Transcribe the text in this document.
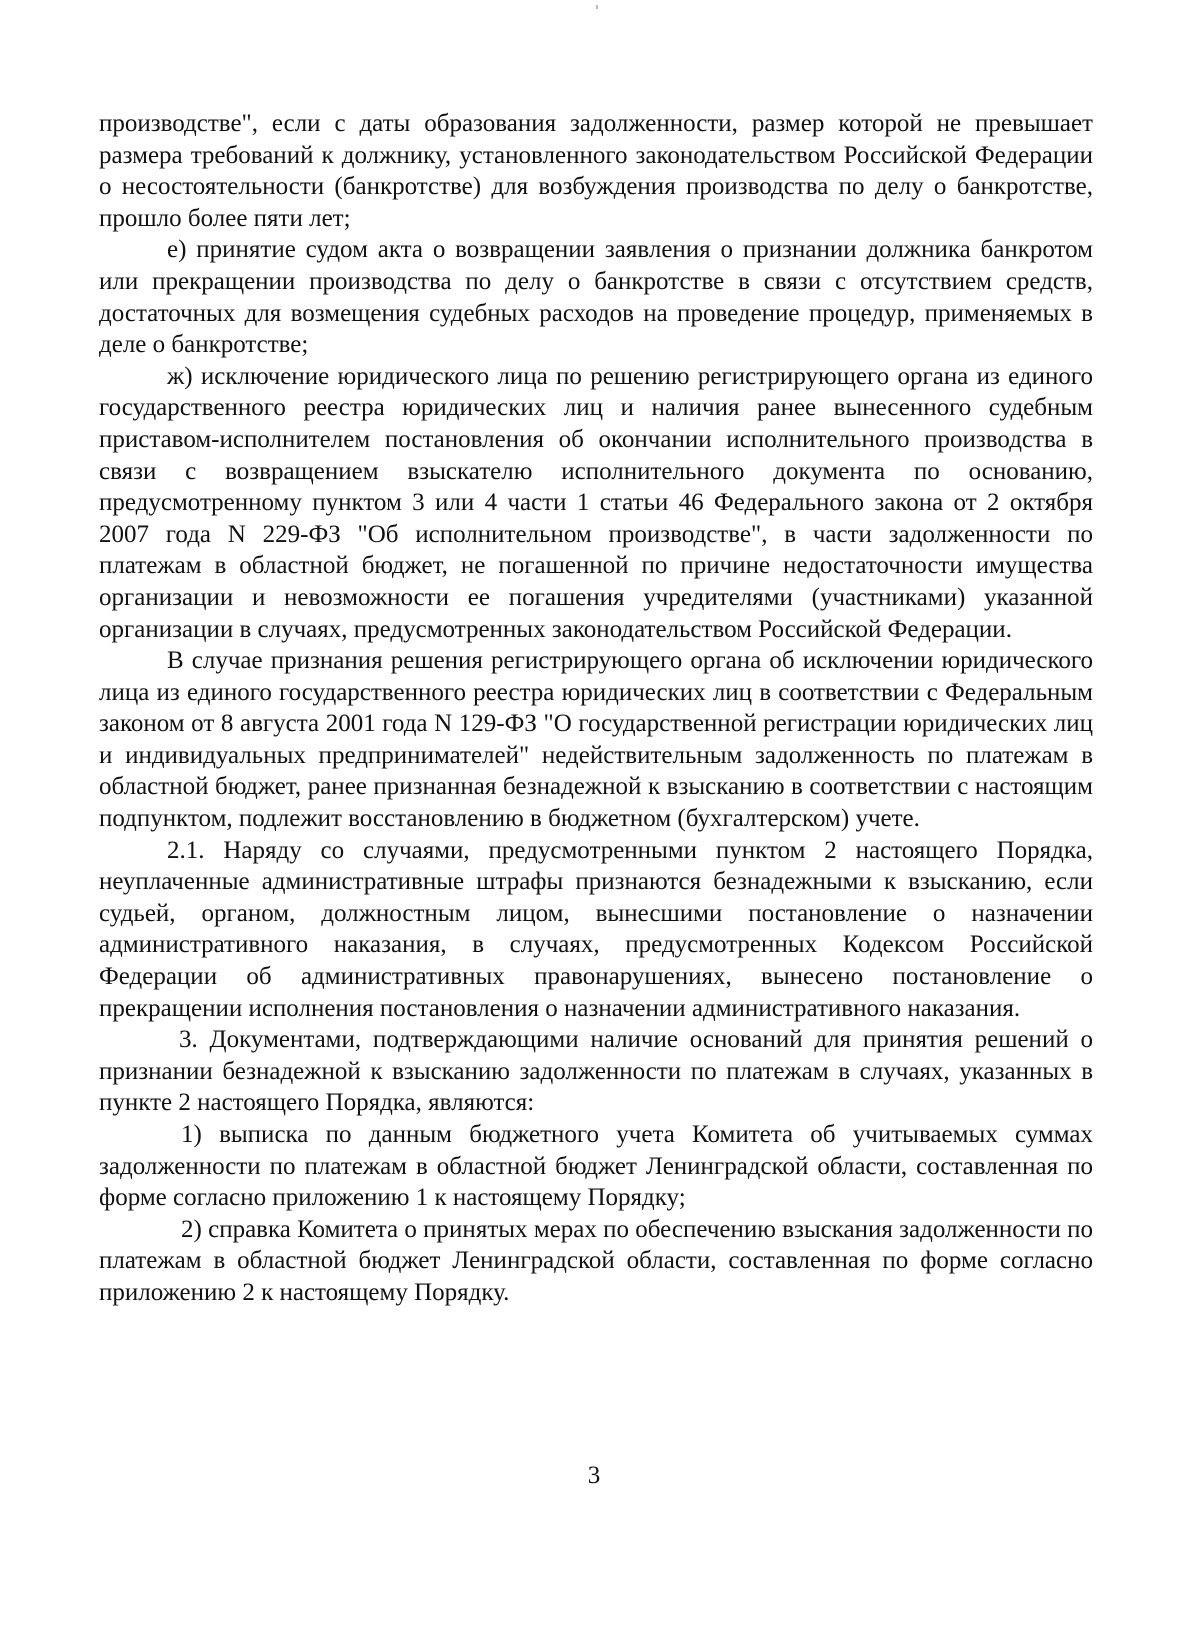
производстве", если с даты образования задолженности, размер которой не превышает размера требований к должнику, установленного законодательством Российской Федерации о несостоятельности (банкротстве) для возбуждения производства по делу о банкротстве, прошло более пяти лет;

е) принятие судом акта о возвращении заявления о признании должника банкротом или прекращении производства по делу о банкротстве в связи с отсутствием средств, достаточных для возмещения судебных расходов на проведение процедур, применяемых в деле о банкротстве;

ж) исключение юридического лица по решению регистрирующего органа из единого государственного реестра юридических лиц и наличия ранее вынесенного судебным приставом-исполнителем постановления об окончании исполнительного производства в связи с возвращением взыскателю исполнительного документа по основанию, предусмотренному пунктом 3 или 4 части 1 статьи 46 Федерального закона от 2 октября 2007 года N 229-ФЗ "Об исполнительном производстве", в части задолженности по платежам в областной бюджет, не погашенной по причине недостаточности имущества организации и невозможности ее погашения учредителями (участниками) указанной организации в случаях, предусмотренных законодательством Российской Федерации.

В случае признания решения регистрирующего органа об исключении юридического лица из единого государственного реестра юридических лиц в соответствии с Федеральным законом от 8 августа 2001 года N 129-ФЗ "О государственной регистрации юридических лиц и индивидуальных предпринимателей" недействительным задолженность по платежам в областной бюджет, ранее признанная безнадежной к взысканию в соответствии с настоящим подпунктом, подлежит восстановлению в бюджетном (бухгалтерском) учете.

2.1. Наряду со случаями, предусмотренными пунктом 2 настоящего Порядка, неуплаченные административные штрафы признаются безнадежными к взысканию, если судьей, органом, должностным лицом, вынесшими постановление о назначении административного наказания, в случаях, предусмотренных Кодексом Российской Федерации об административных правонарушениях, вынесено постановление о прекращении исполнения постановления о назначении административного наказания.

3. Документами, подтверждающими наличие оснований для принятия решений о признании безнадежной к взысканию задолженности по платежам в случаях, указанных в пункте 2 настоящего Порядка, являются:

1) выписка по данным бюджетного учета Комитета об учитываемых суммах задолженности по платежам в областной бюджет Ленинградской области, составленная по форме согласно приложению 1 к настоящему Порядку;

2) справка Комитета о принятых мерах по обеспечению взыскания задолженности по платежам в областной бюджет Ленинградской области, составленная по форме согласно приложению 2 к настоящему Порядку.

3
